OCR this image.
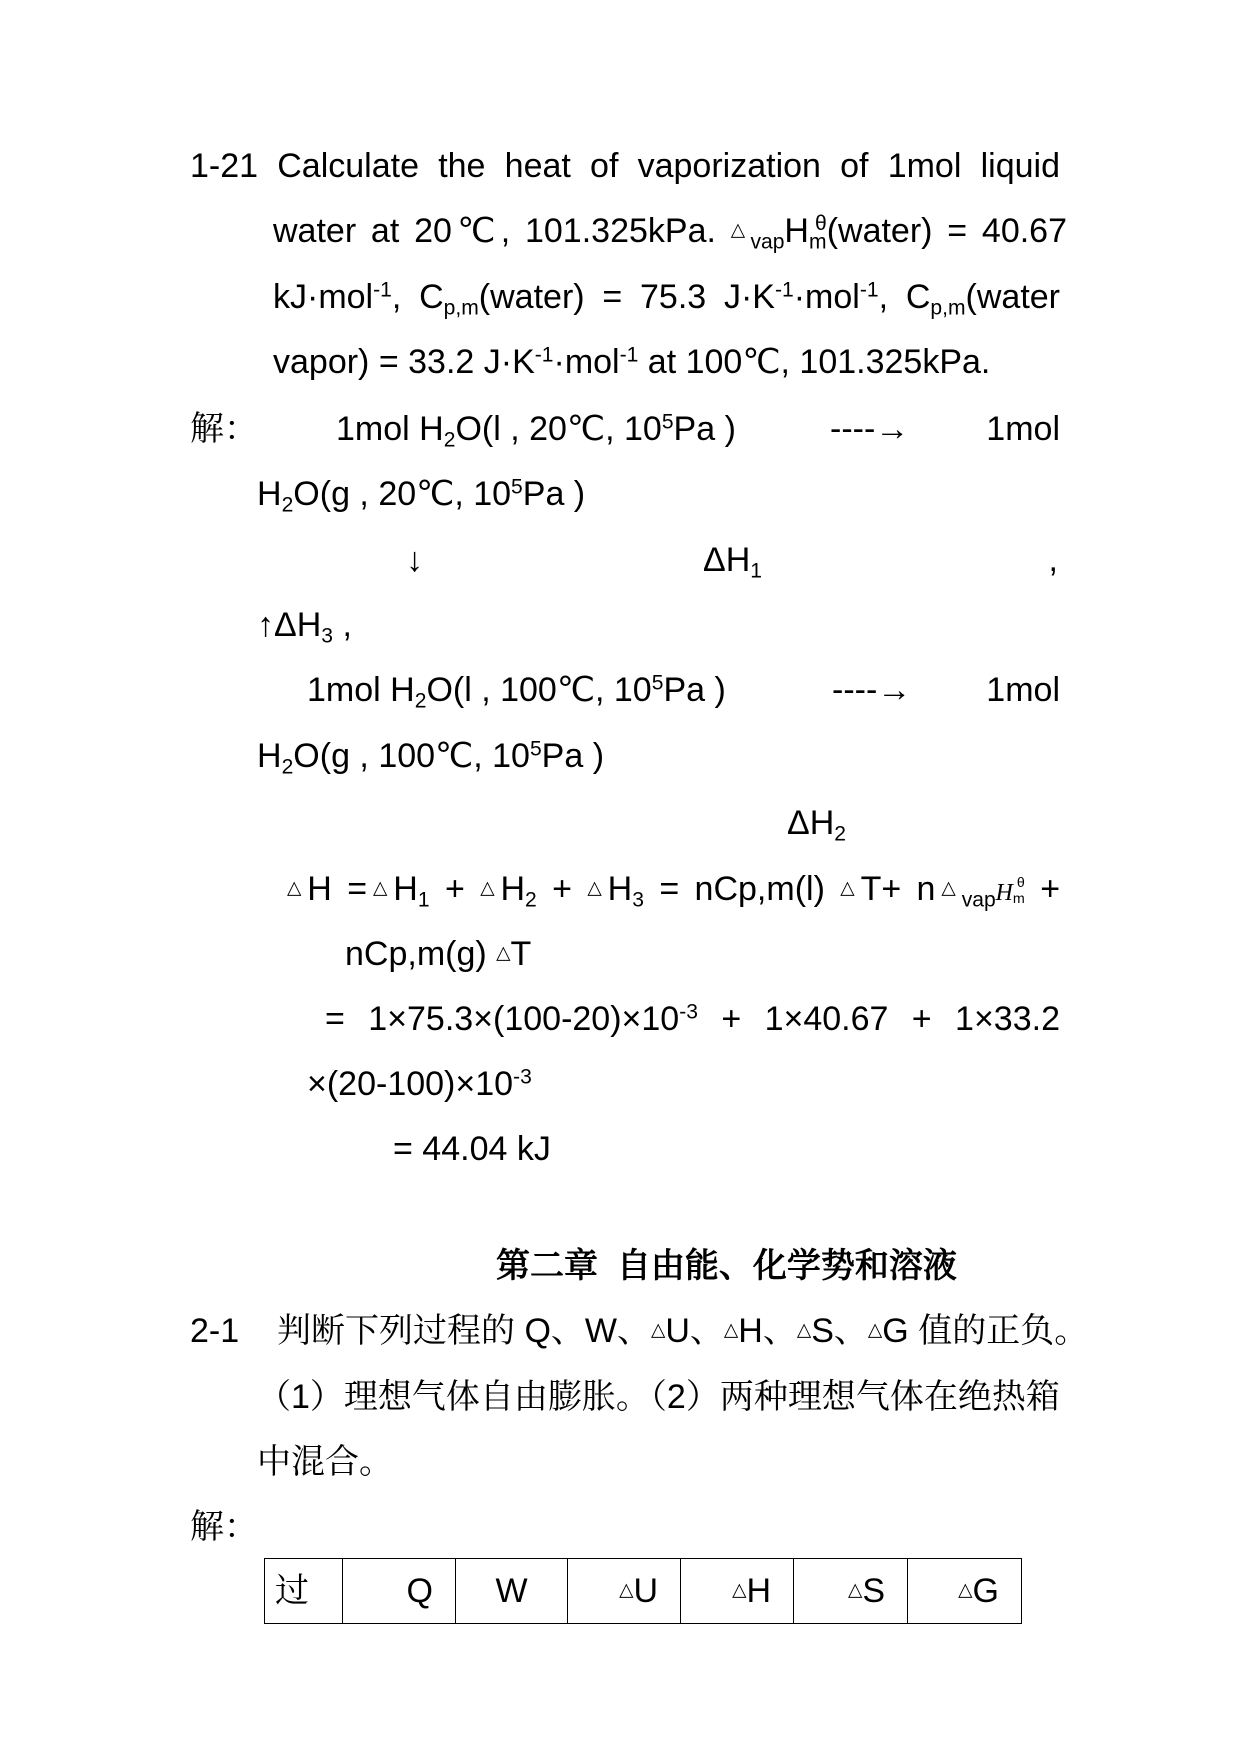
1-21 Calculate the heat of vaporization of 1mol liquid
water at 20℃, 101.325kPa. $\triangle_{vap}H_m^\theta(water) = 40.67$
kJ·mol$^{-1}$, $C_{p,m}(water) = 75.3$ $J\cdot K^{-1}\cdot mol^{-1}$, $C_{p,m}(water$
vapor) = 33.2 $J\cdot K^{-1}\cdot mol^{-1}$ at 100℃, 101.325kPa.
解： 1mol $H_2O(l$ , 20℃, $10^5Pa$ )	----→ 1mol
$H_2O(g$ , 20℃, $10^5Pa$ )
↓	$\Delta H_1$	,
$↑\Delta H_3$ ,
1mol $H_2O(l$ , 100℃, $10^5Pa$ )	----→ 1mol
$H_2O(g$ , 100℃, $10^5Pa$ )
$\Delta H_2$
△H $=\triangle H_1$ + $\triangle H_2$ + $\triangle H_3 = nCp,m(l)$ △T+ $n\triangle_{vap}H_m^\theta$ +
nCp,m(g) △T
= $1\times 75.3\times(100-20)\times 10^{-3} + 1\times 40.67 + 1\times 33.2$
$\times(20-100)\times 10^{-3}$
= 44.04 kJ
第二章  自由能、化学势和溶液
2-1 判断下列过程的 Q、W、△U、△H、△S、△G 值的正负。
（1）理想气体自由膨胀。（2）两种理想气体在绝热箱
中混合。
解：
过	Q	W	△U	△H	△S	△G
